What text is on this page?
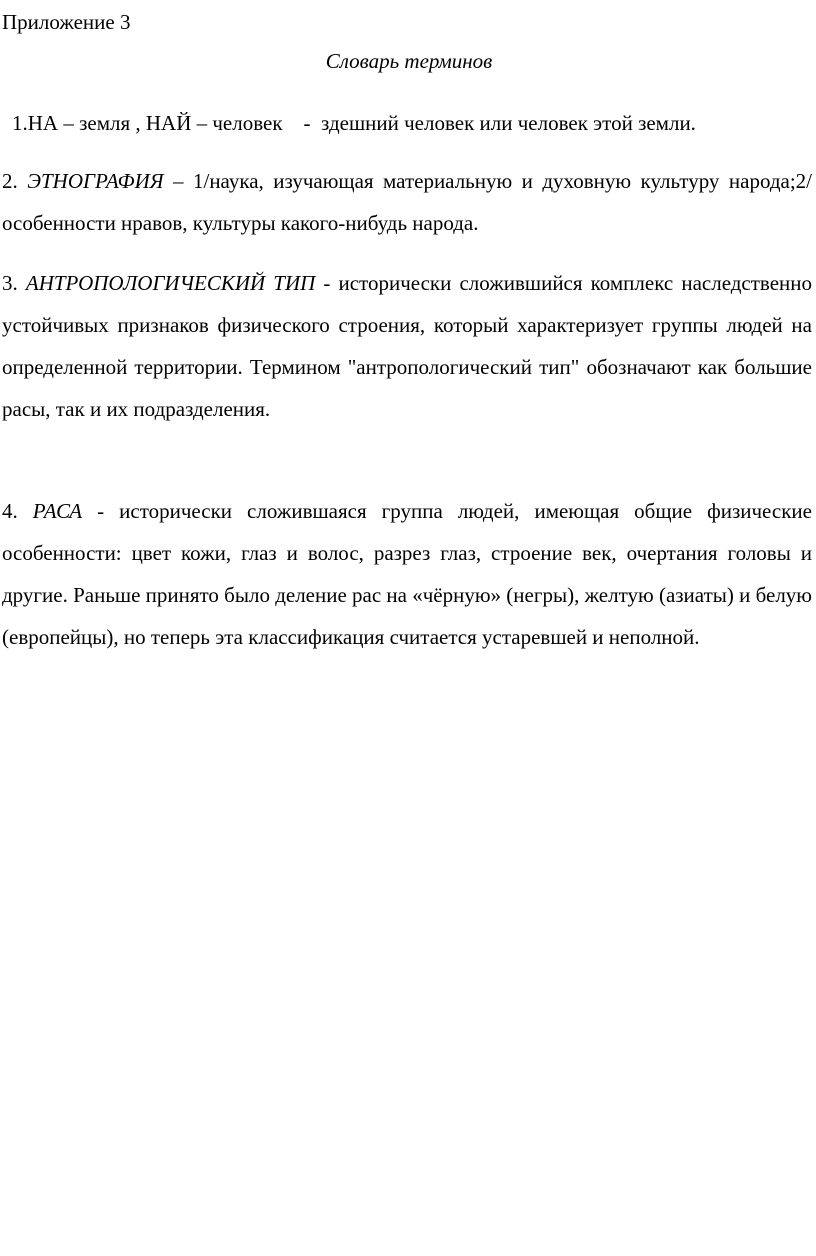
Приложение 3
Словарь терминов
1.НА – земля , НАЙ – человек    -  здешний человек или человек этой земли.

2. ЭТНОГРАФИЯ – 1/наука, изучающая материальную и духовную культуру народа;2/ особенности нравов, культуры какого-нибудь народа.

3. АНТРОПОЛОГИЧЕСКИЙ ТИП - исторически сложившийся комплекс наследственно устойчивых признаков физического строения, который характеризует группы людей на определенной территории. Термином "антропологический тип" обозначают как большие расы, так и их подразделения.

4. РАСА - исторически сложившаяся группа людей, имеющая общие физические особенности: цвет кожи, глаз и волос, разрез глаз, строение век, очертания головы и другие. Раньше принято было деление рас на «чёрную» (негры), желтую (азиаты) и белую (европейцы), но теперь эта классификация считается устаревшей и неполной.
